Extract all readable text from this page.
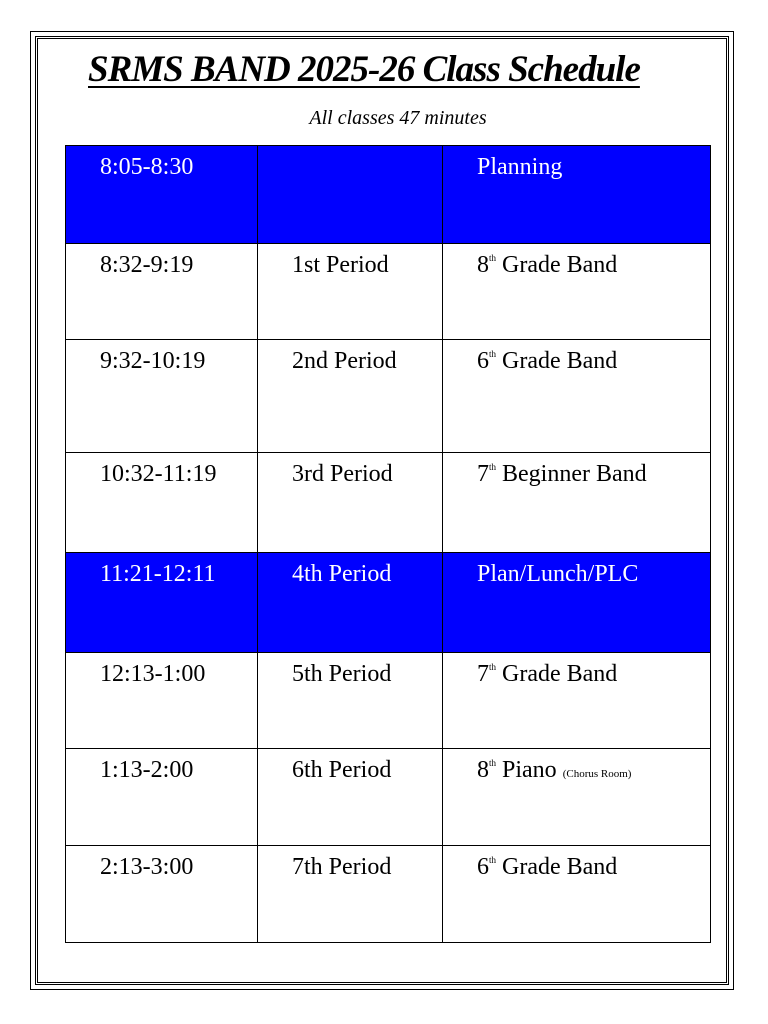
SRMS BAND 2025-26 Class Schedule
All classes 47 minutes
8:05-8:30		Planning
8:32-9:19	1st Period	8th Grade Band
9:32-10:19	2nd Period	6th Grade Band
10:32-11:19	3rd Period	7th Beginner Band
11:21-12:11	4th Period	Plan/Lunch/PLC
12:13-1:00	5th Period	7th Grade Band
1:13-2:00	6th Period	8th Piano (Chorus Room)
2:13-3:00	7th Period	6th Grade Band
